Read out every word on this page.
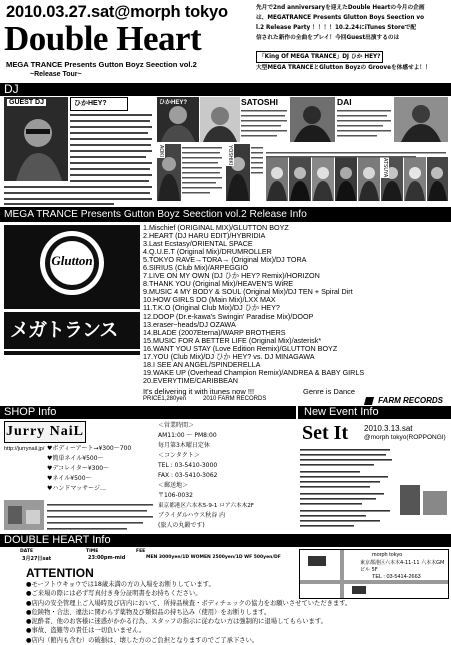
2010.03.27.sat@morph tokyo
Double Heart
MEGA TRANCE Presents Gutton Boyz Seection vol.2
~Release Tour~
先月で2nd anniversaryを迎えたDouble Heartの今月の企画
は、MEGATRANCE Presents Glutton Boys Seection vo
l.2 Release Party ！！！！10.2.24にiTunes Storeで配
信された新作の全曲をプレイ！今回Guest出演するのは
「King Of MEGA TRANCE」DJ ひか HEY?
大型MEGA TRANCEとGlutton Boyzの Grooveを体感せよ！！
DJ
GUEST DJ	ひかHEY?	ひかHEY?	SATOSHI	DAI
AOKI	YOSHIKI
ATSUYA
MEGA TRANCE Presents Gutton Boyz Seection vol.2 Release Info
Glutton
メガトランス
1.Mischief (ORIGINAL MIX)/GLUTTON BOYZ
2.HEART (DJ HARU EDIT)/HYBRIDIA
3.Last Ecstasy/ORIENTAL SPACE
4.Q.U.E.T (Original Mix)/DRUMROLLER
5.TOKYO RAVE→TORA→ (Original Mix)/DJ TORA
6.SIRIUS (Club Mix)/ARPEGGIO
7.LIVE ON MY OWN (DJ ひか HEY? Remix)/HORIZON
8.THANK YOU (Original Mix)/HEAVEN'S WiRE
9.MUSIC 4 MY BODY & SOUL (Original Mix)/DJ TEN + Spiral Dirt
10.HOW GIRLS DO (Main Mix)/LXX MAX
11.T.K.O (Original Club Mix)/DJ ひか HEY?
12.DOOP (Dr.e-kawa's Swingin' Paradise Mix)/DOOP
13.eraser~heads/DJ OZAWA
14.BLADE (2007Eterna)/WARP BROTHERS
15.MUSIC FOR A BETTER LIFE (Original Mix)/asterisk*
16.WANT YOU STAY (Love Edition Remix)/GLUTTON BOYZ
17.YOU (Club Mix)/DJ ひか HEY? vs. DJ MINAGAWA
18.I SEE AN ANGEL/SPINDERELLA
19.WAKE UP (Overhead Champion Remix)/ANDREA & BABY GIRLS
20.EVERYTIME/CARIBBEAN
It's delivering it with itunes now !!!	Genre is Dance
PRICE1,280yen	2010 FARM RECORDS	FARM RECORDS
SHOP Info	New Event Info
Jurry NaiL
http://jurrynail.jp/ ♥ボディーアート→¥300〜700
♥簡単ネイル¥500〜
♥デコレイター¥300〜
♥ネイル¥500〜
♥ハンドマッサージ…
＜営業時間＞
AM11:00 〜 PM8:00
毎月第3木曜日定休
＜コンタクト＞
TEL : 03-5410-3000
FAX : 03-5410-3062
＜郵送地＞
〒106-0032
東京都港区六本木5-9-1 ロア六本木2F
ブライダルハウス秋谷 内
(旅人の丸鍛です)
Set It 2010.3.13.sat
@morph tokyo(ROPPONGI)
DOUBLE HEART Info
DATE
3月27日sat
TIME
23:00pm-mid
FEE
MEN 3000yen/1D WOMEN 2500yen/1D WF 500yen/DF	morph tokyo
東京都港区六本木4-11-11 六本木GMビル 5F
TEL : 03-5414-2663
ATTENTION
●モーフトウキョウでは18歳未満の方の入場をお断りしています。
●ご来場の際には必ず写真付き身分証明書をお持ちください。
●店内の安全管理上ご入場時及び店内において、所持品検査・ボディチェックの協力をお願いさせていただきます。
●危険物・合法、違法に関わらず薬物及び類似品の持ち込み（使用）をお断りします。
●泥酔者、他のお客様に迷惑がかかる行為、スタッフの指示に従わない方は強制的に退場してもらいます。
●事故、盗難等の責任は一切負いません。
●店内（館内も含む）の破損は、壊した方のご負担となりますのでご了承下さい。
